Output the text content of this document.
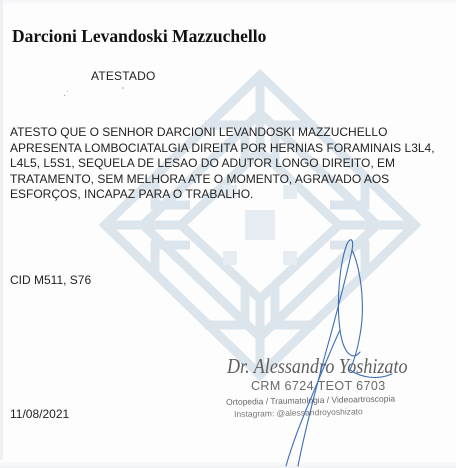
Darcioni Levandoski Mazzuchello
ATESTADO
·˙	'
ATESTO QUE O SENHOR DARCIONI LEVANDOSKI MAZZUCHELLO APRESENTA LOMBOCIATALGIA DIREITA POR HERNIAS FORAMINAIS L3L4, L4L5, L5S1, SEQUELA DE LESAO DO ADUTOR LONGO DIREITO, EM TRATAMENTO, SEM MELHORA ATE O MOMENTO, AGRAVADO AOS ESFORÇOS, INCAPAZ PARA O TRABALHO.
CID M511, S76
11/08/2021
Dr. Alessandro Yoshizato
CRM 6724 TEOT 6703
Ortopedia / Traumatologia / Videoartroscopia
Instagram: @alessandroyoshizato
